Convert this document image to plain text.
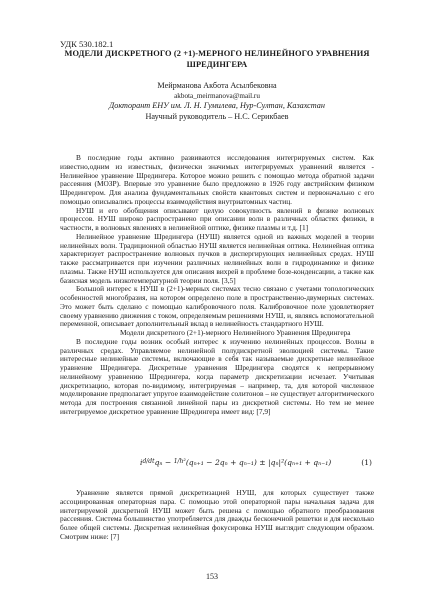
УДК 530.182.1
МОДЕЛИ ДИСКРЕТНОГО (2 +1)-МЕРНОГО НЕЛИНЕЙНОГО УРАВНЕНИЯ ШРЕДИНГЕРА
Мейрманова Акбота Асылбековна
akbota_meirmanova@mail.ru
Докторант ЕНУ им. Л. Н. Гумилева, Нур-Султан, Казахстан
Научный руководитель – Н.С. Серикбаев

В последние годы активно развиваются исследования интегрируемых систем. Как известно,одним из известных, физически значимых интегрируемых уравнений является - Нелинейное уравнение Шредингера. Которое можно решить с помощью метода обратной задачи рассеяния (МОЗР). Впервые это уравнение было предложено в 1926 году австрийским физиком Шредингером. Для анализа фундаментальных свойств квантовых систем и первоначально с его помощью описывались процессы взаимодействия внутриатомных частиц.

НУШ и его обобщения описывают целую совокупность явлений в физике волновых процессов. НУШ широко распространено при описании волн в различных областях физики, в частности, в волновых явлениях в нелинейной оптике, физике плазмы и т.д. [1]

Нелинейное уравнение Шредингера (НУШ) является одной из важных моделей в теории нелинейных волн. Традиционной областью НУШ является нелинейная оптика. Нелинейная оптика характеризует распространение волновых пучков в диспергирующих нелинейных средах. НУШ также рассматривается при изучении различных нелинейных волн в гидродинамике и физике плазмы. Также НУШ используется для описания вихрей в проблеме бозе-конденсации, а также как базисная модель низкотемпературной теории поля. [3,5]

Большой интерес к НУШ в (2+1)-мерных системах тесно связано с учетами топологических особенностей многобразия, на котором определено поле в пространственно-двумерных системах. Это может быть сделано с помощью калибровочного поля. Калибровочное поле удовлетворяет своему уравнению движения с током, определяемым решениями НУШ, и, являясь вспомогательной переменной, описывает дополнительный вклад в нелинейность стандартного НУШ.

Модели дискретного (2+1)-мерного Нелинейного Уравнения Шредингера

В последние годы возник особый интерес к изучению нелинейных процессов. Волны в различных средах. Управляемое нелинейной полудискретной эволюцией системы. Такие интересные нелинейные системы, включающие в себя так называемые дискретные нелинейное уравнение Шредингера. Дискретные уравнения Шредингера сводятся к непрерывному нелинейному уравнению Шредингера, когда параметр дискретизации исчезает. Учитывая дискретизацию, которая по-видимому, интегрируемая – например, та, для которой численное моделирование предполагает упругое взаимодействие солитонов – не существует алгоритмического метода для построения связанной линейной пары из дискретной системы. Но тем не менее интегрируемое дискретное уравнение Шредингера имеет вид: [7,9]

$i^{d/dt}q_n - ^{1/h^2}(q_{n+1} - 2q_n + q_{n-1}) \pm |q_n|^2(q_{n+1} + q_{n-1})$	(1)

Уравнение является прямой дискретизацией НУШ, для которых существует также ассоциированная операторная пара. С помощью этой операторной пары начальная задача для интегрируемой дискретной НУШ может быть решена с помощью обратного преобразования рассеяния. Система большинство употребляется для дважды бесконечной решетки и для несколько более общей системы. Дискретная нелинейная фокусировка НУШ выглядит следующим образом. Смотрим ниже: [7]

153
